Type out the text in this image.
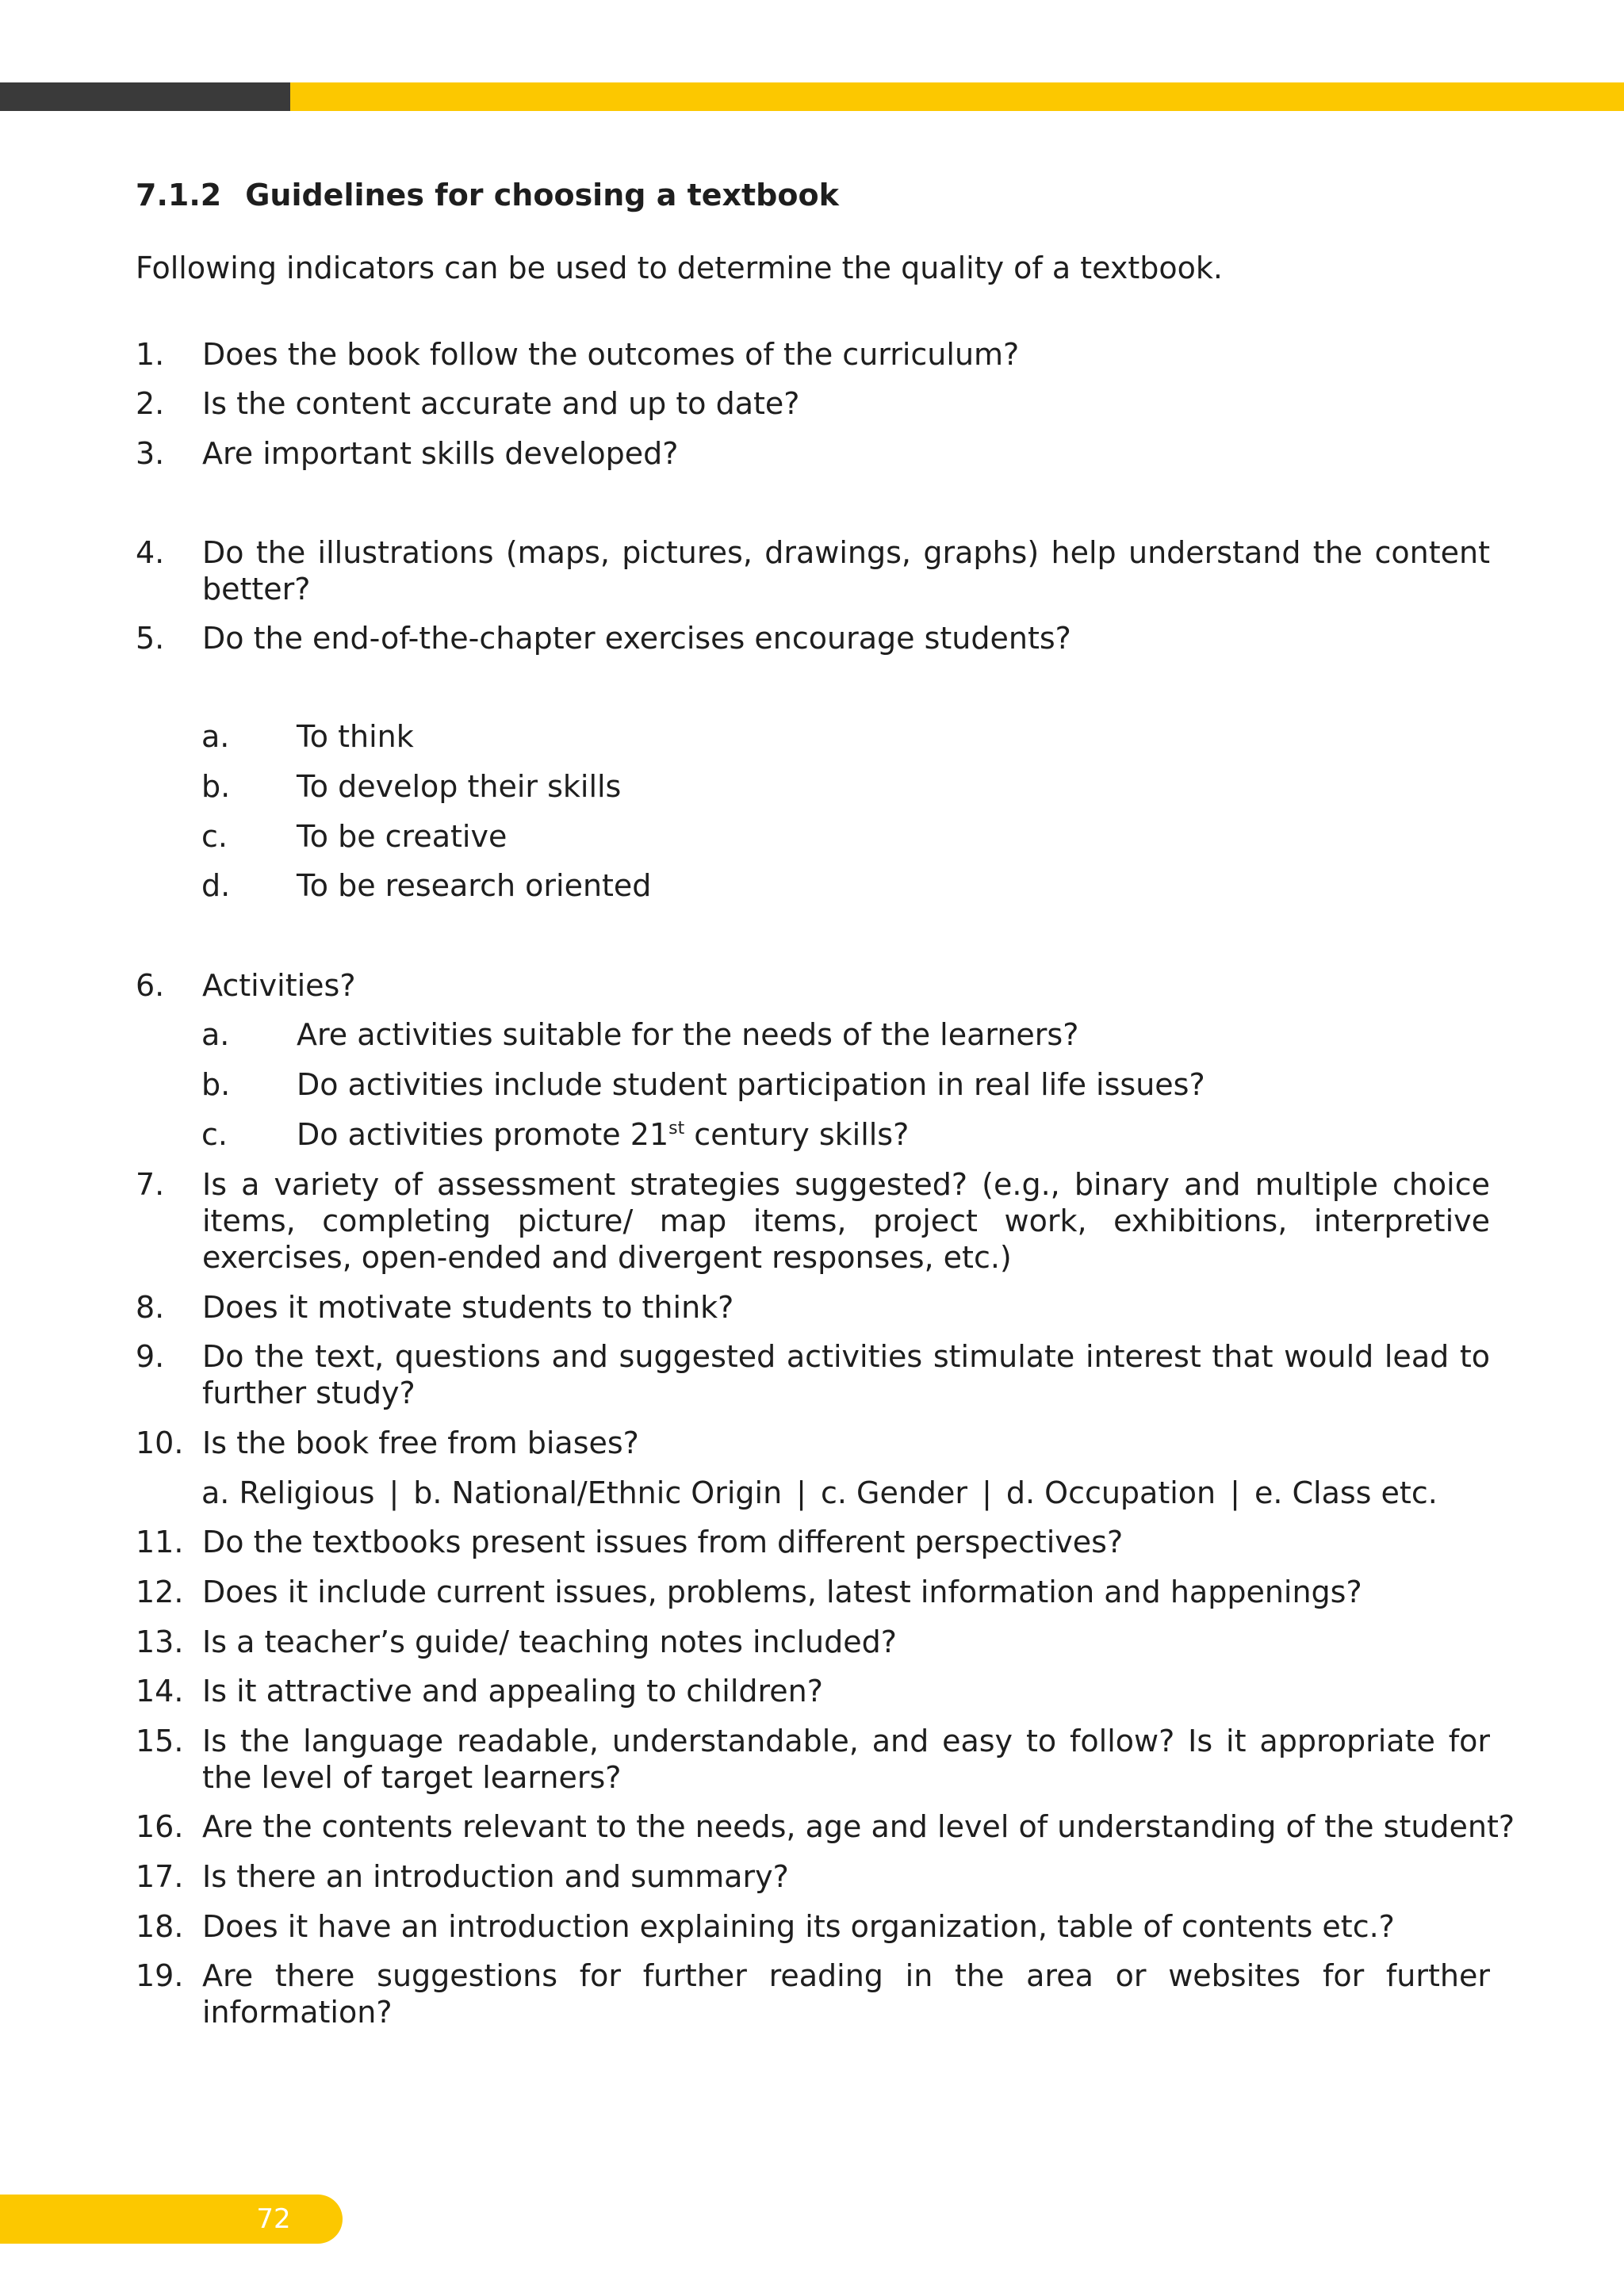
7.1.2 Guidelines for choosing a textbook
Following indicators can be used to determine the quality of a textbook.
1. Does the book follow the outcomes of the curriculum?
2. Is the content accurate and up to date?
3. Are important skills developed?
4. Do the illustrations (maps, pictures, drawings, graphs) help understand the content better?
5. Do the end-of-the-chapter exercises encourage students?
a. To think
b. To develop their skills
c. To be creative
d. To be research oriented
6. Activities?
a. Are activities suitable for the needs of the learners?
b. Do activities include student participation in real life issues?
c. Do activities promote 21st century skills?
7. Is a variety of assessment strategies suggested? (e.g., binary and multiple choice items, completing picture/ map items, project work, exhibitions, interpretive exercises, open-ended and divergent responses, etc.)
8. Does it motivate students to think?
9. Do the text, questions and suggested activities stimulate interest that would lead to further study?
10. Is the book free from biases?
a. Religious | b. National/Ethnic Origin | c. Gender | d. Occupation | e. Class etc.
11. Do the textbooks present issues from different perspectives?
12. Does it include current issues, problems, latest information and happenings?
13. Is a teacher’s guide/ teaching notes included?
14. Is it attractive and appealing to children?
15. Is the language readable, understandable, and easy to follow? Is it appropriate for the level of target learners?
16. Are the contents relevant to the needs, age and level of understanding of the student?
17. Is there an introduction and summary?
18. Does it have an introduction explaining its organization, table of contents etc.?
19. Are there suggestions for further reading in the area or websites for further information?
72
